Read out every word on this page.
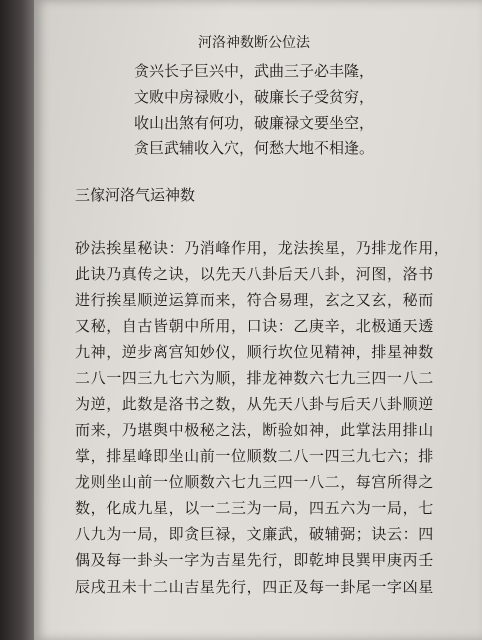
河洛神数断公位法
贪兴长子巨兴中，武曲三子必丰隆，
文败中房禄败小，破廉长子受贫穷，
收山出煞有何功，破廉禄文要坐空，
贪巨武辅收入穴，何愁大地不相逢。
三傢河洛气运神数
砂法挨星秘诀：乃消峰作用，龙法挨星，乃排龙作用，
此诀乃真传之诀，以先天八卦后天八卦，河图，洛书
进行挨星顺逆运算而来，符合易理，玄之又玄，秘而
又秘，自古皆朝中所用，口诀：乙庚辛，北极通天透
九神，逆步离宫知妙仪，顺行坎位见精神，排星神数
二八一四三九七六为顺，排龙神数六七九三四一八二
为逆，此数是洛书之数，从先天八卦与后天八卦顺逆
而来，乃堪舆中极秘之法，断验如神，此掌法用排山
掌，排星峰即坐山前一位顺数二八一四三九七六；排
龙则坐山前一位顺数六七九三四一八二，每宫所得之
数，化成九星，以一二三为一局，四五六为一局，七
八九为一局，即贪巨禄，文廉武，破辅弼；诀云：四
偶及每一卦头一字为吉星先行，即乾坤艮巽甲庚丙壬
辰戌丑未十二山吉星先行，四正及每一卦尾一字凶星
